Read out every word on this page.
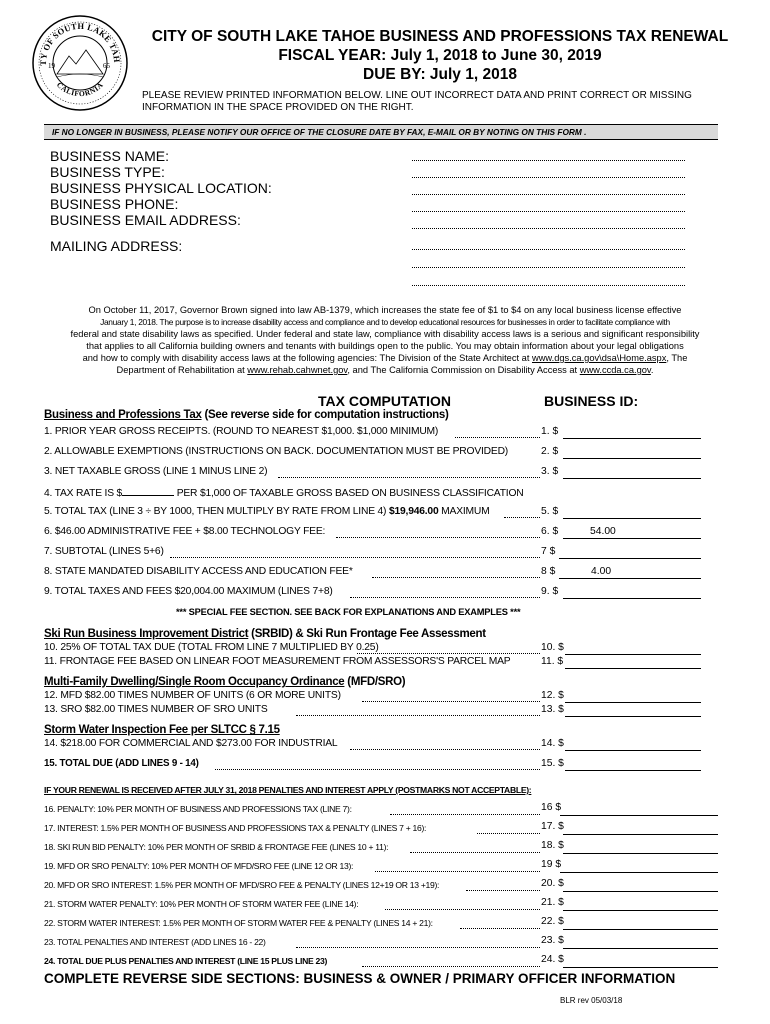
TY OF SOUTH LAKE TAH
CALIFORNIA
19	65
CITY OF SOUTH LAKE TAHOE BUSINESS AND PROFESSIONS TAX RENEWAL
FISCAL YEAR: July 1, 2018 to June 30, 2019
DUE BY: July 1, 2018
PLEASE REVIEW PRINTED INFORMATION BELOW. LINE OUT INCORRECT DATA AND PRINT CORRECT OR MISSING
INFORMATION IN THE SPACE PROVIDED ON THE RIGHT.
IF NO LONGER IN BUSINESS, PLEASE NOTIFY OUR OFFICE OF THE CLOSURE DATE BY FAX, E-MAIL OR BY NOTING ON THIS FORM .
BUSINESS NAME:
BUSINESS TYPE:
BUSINESS PHYSICAL LOCATION:
BUSINESS PHONE:
BUSINESS EMAIL ADDRESS:
MAILING ADDRESS:
On October 11, 2017, Governor Brown signed into law AB-1379, which increases the state fee of $1 to $4 on any local business license effective
January 1, 2018. The purpose is to increase disability access and compliance and to develop educational resources for businesses in order to facilitate compliance with
federal and state disability laws as specified. Under federal and state law, compliance with disability access laws is a serious and significant responsibility
that applies to all California building owners and tenants with buildings open to the public. You may obtain information about your legal obligations
and how to comply with disability access laws at the following agencies: The Division of the State Architect at www.dgs.ca.gov\dsa\Home.aspx, The
Department of Rehabilitation at www.rehab.cahwnet.gov, and The California Commission on Disability Access at www.ccda.ca.gov.
TAX COMPUTATION	BUSINESS ID:
Business and Professions Tax (See reverse side for computation instructions)
1. PRIOR YEAR GROSS RECEIPTS. (ROUND TO NEAREST $1,000. $1,000 MINIMUM)	1. $
2. ALLOWABLE EXEMPTIONS (INSTRUCTIONS ON BACK. DOCUMENTATION MUST BE PROVIDED)	2. $
3. NET TAXABLE GROSS (LINE 1 MINUS LINE 2)	3. $
4. TAX RATE IS $	PER $1,000 OF TAXABLE GROSS BASED ON BUSINESS CLASSIFICATION
5. TOTAL TAX (LINE 3 ÷ BY 1000, THEN MULTIPLY BY RATE FROM LINE 4) $19,946.00 MAXIMUM	5. $
6. $46.00 ADMINISTRATIVE FEE + $8.00 TECHNOLOGY FEE:	6. $	54.00
7. SUBTOTAL (LINES 5+6)	7 $
8. STATE MANDATED DISABILITY ACCESS AND EDUCATION FEE*	8 $	4.00
9. TOTAL TAXES AND FEES $20,004.00 MAXIMUM (LINES 7+8)	9. $
*** SPECIAL FEE SECTION. SEE BACK FOR EXPLANATIONS AND EXAMPLES ***
Ski Run Business Improvement District (SRBID) & Ski Run Frontage Fee Assessment
10. 25% OF TOTAL TAX DUE (TOTAL FROM LINE 7 MULTIPLIED BY 0.25)	10. $
11. FRONTAGE FEE BASED ON LINEAR FOOT MEASUREMENT FROM ASSESSORS'S PARCEL MAP	11. $
Multi-Family Dwelling/Single Room Occupancy Ordinance (MFD/SRO)
12. MFD $82.00 TIMES NUMBER OF UNITS (6 OR MORE UNITS)	12. $
13. SRO $82.00 TIMES NUMBER OF SRO UNITS	13. $
Storm Water Inspection Fee per SLTCC § 7.15
14. $218.00 FOR COMMERCIAL AND $273.00 FOR INDUSTRIAL	14. $
15. TOTAL DUE (ADD LINES 9 - 14)	15. $
IF YOUR RENEWAL IS RECEIVED AFTER JULY 31, 2018 PENALTIES AND INTEREST APPLY (POSTMARKS NOT ACCEPTABLE):
16. PENALTY: 10% PER MONTH OF BUSINESS AND PROFESSIONS TAX (LINE 7):	16 $
17. INTEREST: 1.5% PER MONTH OF BUSINESS AND PROFESSIONS TAX & PENALTY (LINES 7 + 16):	17. $
18. SKI RUN BID PENALTY: 10% PER MONTH OF SRBID & FRONTAGE FEE (LINES 10 + 11):	18. $
19. MFD OR SRO PENALTY: 10% PER MONTH OF MFD/SRO FEE (LINE 12 OR 13):	19 $
20. MFD OR SRO INTEREST: 1.5% PER MONTH OF MFD/SRO FEE & PENALTY (LINES 12+19 OR 13 +19):	20. $
21. STORM WATER PENALTY: 10% PER MONTH OF STORM WATER FEE (LINE 14):	21. $
22. STORM WATER INTEREST: 1.5% PER MONTH OF STORM WATER FEE & PENALTY (LINES 14 + 21):	22. $
23. TOTAL PENALTIES AND INTEREST (ADD LINES 16 - 22)	23. $
24. TOTAL DUE PLUS PENALTIES AND INTEREST (LINE 15 PLUS LINE 23)	24. $
COMPLETE REVERSE SIDE SECTIONS: BUSINESS & OWNER / PRIMARY OFFICER INFORMATION
BLR rev 05/03/18
